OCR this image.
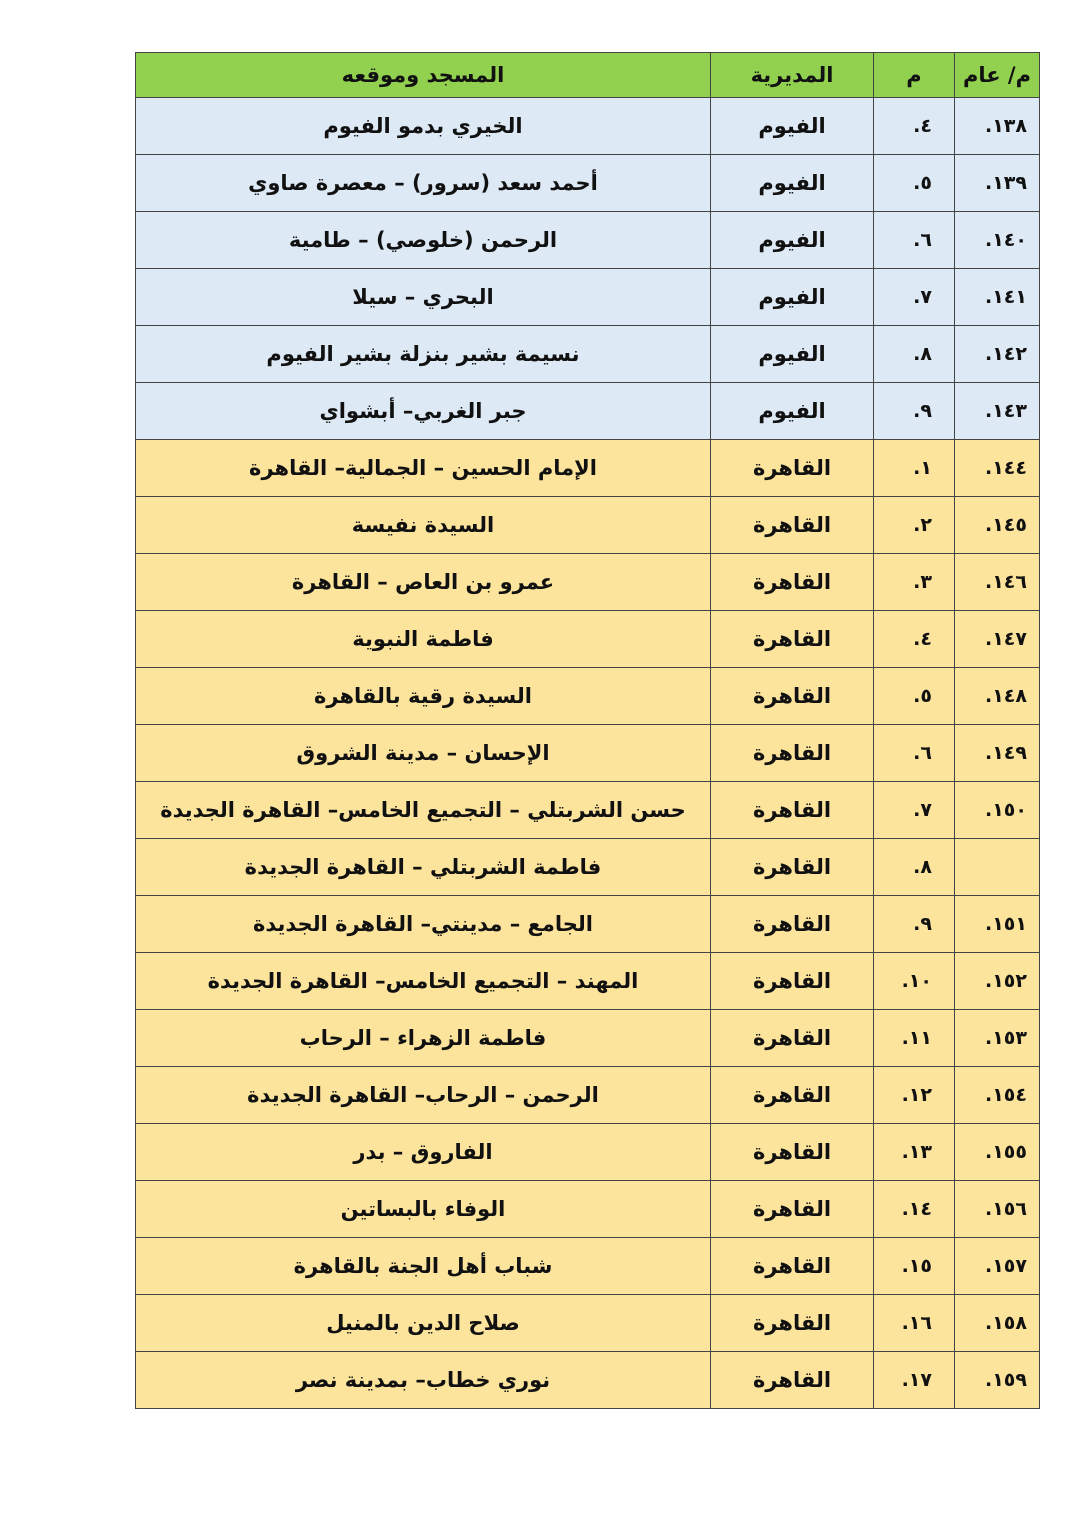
م/ عام	م	المديرية	المسجد وموقعه
١٣٨.	٤.	الفيوم	الخيري بدمو الفيوم
١٣٩.	٥.	الفيوم	أحمد سعد (سرور) – معصرة صاوي
١٤٠.	٦.	الفيوم	الرحمن (خلوصي) – طامية
١٤١.	٧.	الفيوم	البحري – سيلا
١٤٢.	٨.	الفيوم	نسيمة بشير بنزلة بشير الفيوم
١٤٣.	٩.	الفيوم	جبر الغربي– أبشواي
١٤٤.	١.	القاهرة	الإمام الحسين – الجمالية– القاهرة
١٤٥.	٢.	القاهرة	السيدة نفيسة
١٤٦.	٣.	القاهرة	عمرو بن العاص – القاهرة
١٤٧.	٤.	القاهرة	فاطمة النبوية
١٤٨.	٥.	القاهرة	السيدة رقية بالقاهرة
١٤٩.	٦.	القاهرة	الإحسان – مدينة الشروق
١٥٠.	٧.	القاهرة	حسن الشربتلي – التجميع الخامس– القاهرة الجديدة
	٨.	القاهرة	فاطمة الشربتلي – القاهرة الجديدة
١٥١.	٩.	القاهرة	الجامع – مدينتي– القاهرة الجديدة
١٥٢.	١٠.	القاهرة	المهند – التجميع الخامس– القاهرة الجديدة
١٥٣.	١١.	القاهرة	فاطمة الزهراء – الرحاب
١٥٤.	١٢.	القاهرة	الرحمن – الرحاب– القاهرة الجديدة
١٥٥.	١٣.	القاهرة	الفاروق – بدر
١٥٦.	١٤.	القاهرة	الوفاء بالبساتين
١٥٧.	١٥.	القاهرة	شباب أهل الجنة بالقاهرة
١٥٨.	١٦.	القاهرة	صلاح الدين بالمنيل
١٥٩.	١٧.	القاهرة	نوري خطاب– بمدينة نصر
